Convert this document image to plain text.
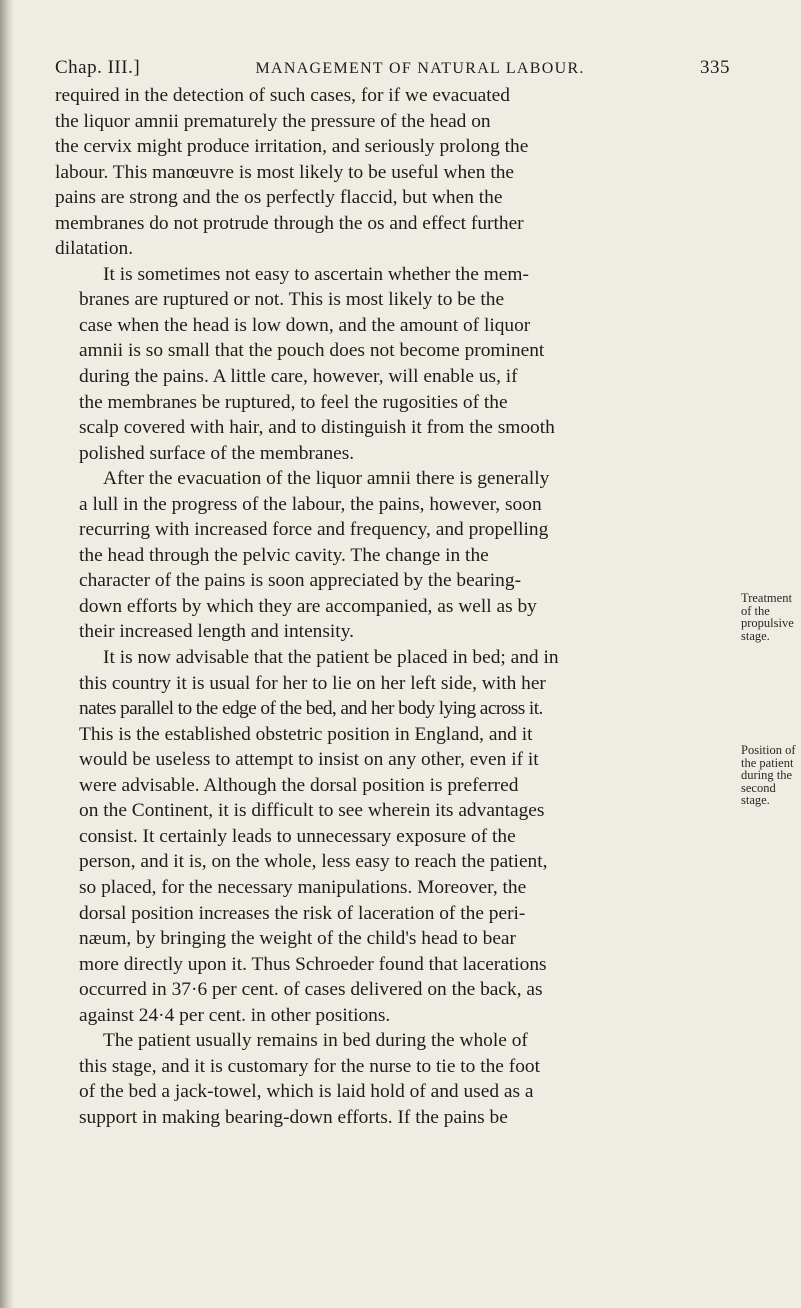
Chap. III.]	MANAGEMENT OF NATURAL LABOUR.	335

required in the detection of such cases, for if we evacuated
the liquor amnii prematurely the pressure of the head on
the cervix might produce irritation, and seriously prolong the
labour. This manœuvre is most likely to be useful when the
pains are strong and the os perfectly flaccid, but when the
membranes do not protrude through the os and effect further
dilatation.

It is sometimes not easy to ascertain whether the mem-
branes are ruptured or not. This is most likely to be the
case when the head is low down, and the amount of liquor
amnii is so small that the pouch does not become prominent
during the pains. A little care, however, will enable us, if
the membranes be ruptured, to feel the rugosities of the
scalp covered with hair, and to distinguish it from the smooth
polished surface of the membranes.

After the evacuation of the liquor amnii there is generally
a lull in the progress of the labour, the pains, however, soon
recurring with increased force and frequency, and propelling
the head through the pelvic cavity. The change in the
character of the pains is soon appreciated by the bearing-
down efforts by which they are accompanied, as well as by
their increased length and intensity.

It is now advisable that the patient be placed in bed; and in
this country it is usual for her to lie on her left side, with her
nates parallel to the edge of the bed, and her body lying across it.
This is the established obstetric position in England, and it
would be useless to attempt to insist on any other, even if it
were advisable. Although the dorsal position is preferred
on the Continent, it is difficult to see wherein its advantages
consist. It certainly leads to unnecessary exposure of the
person, and it is, on the whole, less easy to reach the patient,
so placed, for the necessary manipulations. Moreover, the
dorsal position increases the risk of laceration of the peri-
næum, by bringing the weight of the child's head to bear
more directly upon it. Thus Schroeder found that lacerations
occurred in 37·6 per cent. of cases delivered on the back, as
against 24·4 per cent. in other positions.

The patient usually remains in bed during the whole of
this stage, and it is customary for the nurse to tie to the foot
of the bed a jack-towel, which is laid hold of and used as a
support in making bearing-down efforts. If the pains be

Treatment
of the
propulsive
stage.
Position of
the patient
during the
second
stage.
